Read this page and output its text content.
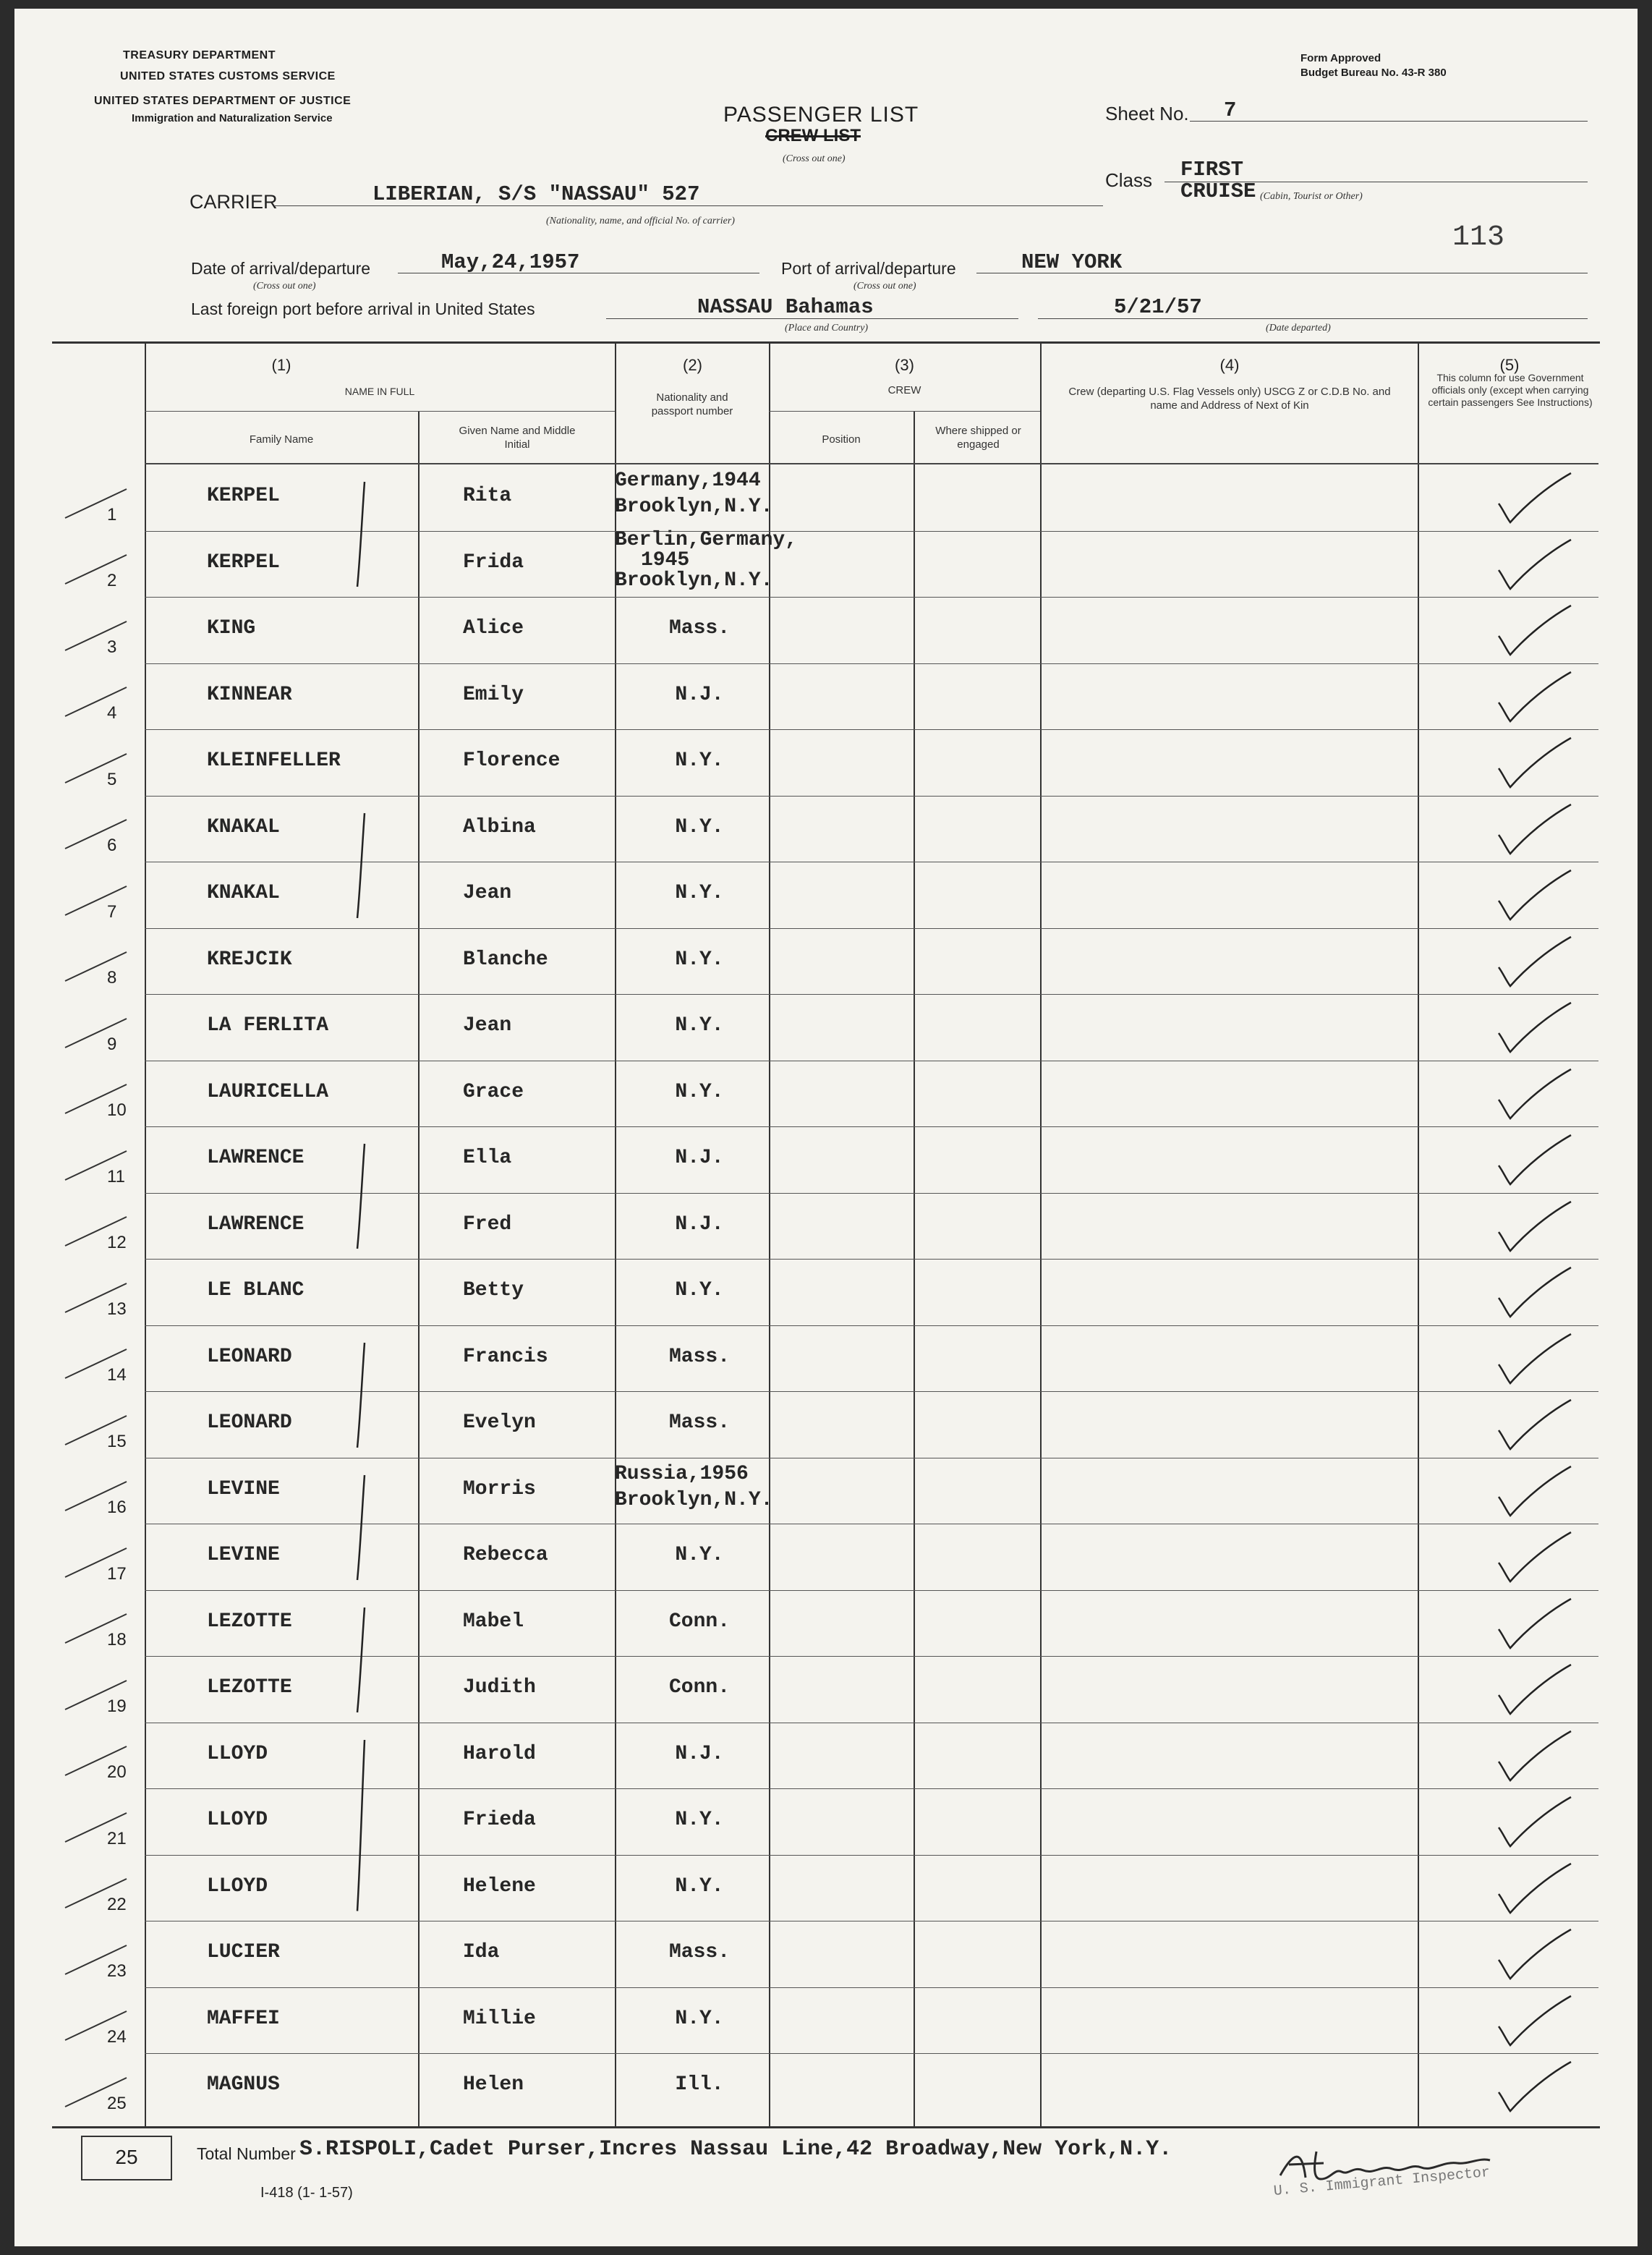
TREASURY DEPARTMENT
UNITED STATES CUSTOMS SERVICE
UNITED STATES DEPARTMENT OF JUSTICE
Immigration and Naturalization Service
Form Approved
Budget Bureau No. 43-R 380
PASSENGER LIST
CREW LIST
(Cross out one)
Sheet No. 7
Class FIRST
CRUISE (Cabin, Tourist or Other)
113
CARRIER	LIBERIAN, S/S "NASSAU" 527
(Nationality, name, and official No. of carrier)
Date of arrival/departure	May,24,1957
(Cross out one)
Port of arrival/departure	NEW YORK
(Cross out one)
Last foreign port before arrival in United States	NASSAU Bahamas
(Place and Country)
5/21/57
(Date departed)
(1)
NAME IN FULL
Family Name
Given Name and Middle Initial
(2)
Nationality and passport number
(3)
CREW
Position
Where shipped or engaged
(4)
Crew (departing U.S. Flag Vessels only) USCG Z or C.D.B No. and name and Address of Next of Kin
(5)
This column for use Government officials only (except when carrying certain passengers See Instructions)
1
KERPEL	Rita
Germany,1944
Brooklyn,N.Y.
2
KERPEL	Frida
Berlin,Germany,
1945
Brooklyn,N.Y.
3
KING	Alice	Mass.
4
KINNEAR	Emily	N.J.
5
KLEINFELLER	Florence	N.Y.
6
KNAKAL	Albina	N.Y.
7
KNAKAL	Jean	N.Y.
8
KREJCIK	Blanche	N.Y.
9
LA FERLITA	Jean	N.Y.
10
LAURICELLA	Grace	N.Y.
11
LAWRENCE	Ella	N.J.
12
LAWRENCE	Fred	N.J.
13
LE BLANC	Betty	N.Y.
14
LEONARD	Francis	Mass.
15
LEONARD	Evelyn	Mass.
16
LEVINE	Morris
Russia,1956
Brooklyn,N.Y.
17
LEVINE	Rebecca	N.Y.
18
LEZOTTE	Mabel	Conn.
19
LEZOTTE	Judith	Conn.
20
LLOYD	Harold	N.J.
21
LLOYD	Frieda	N.Y.
22
LLOYD	Helene	N.Y.
23
LUCIER	Ida	Mass.
24
MAFFEI	Millie	N.Y.
25
MAGNUS	Helen	Ill.
25	Total Number S.RISPOLI,Cadet Purser,Incres Nassau Line,42 Broadway,New York,N.Y.
I-418 (1- 1-57)	U. S. Immigrant Inspector
